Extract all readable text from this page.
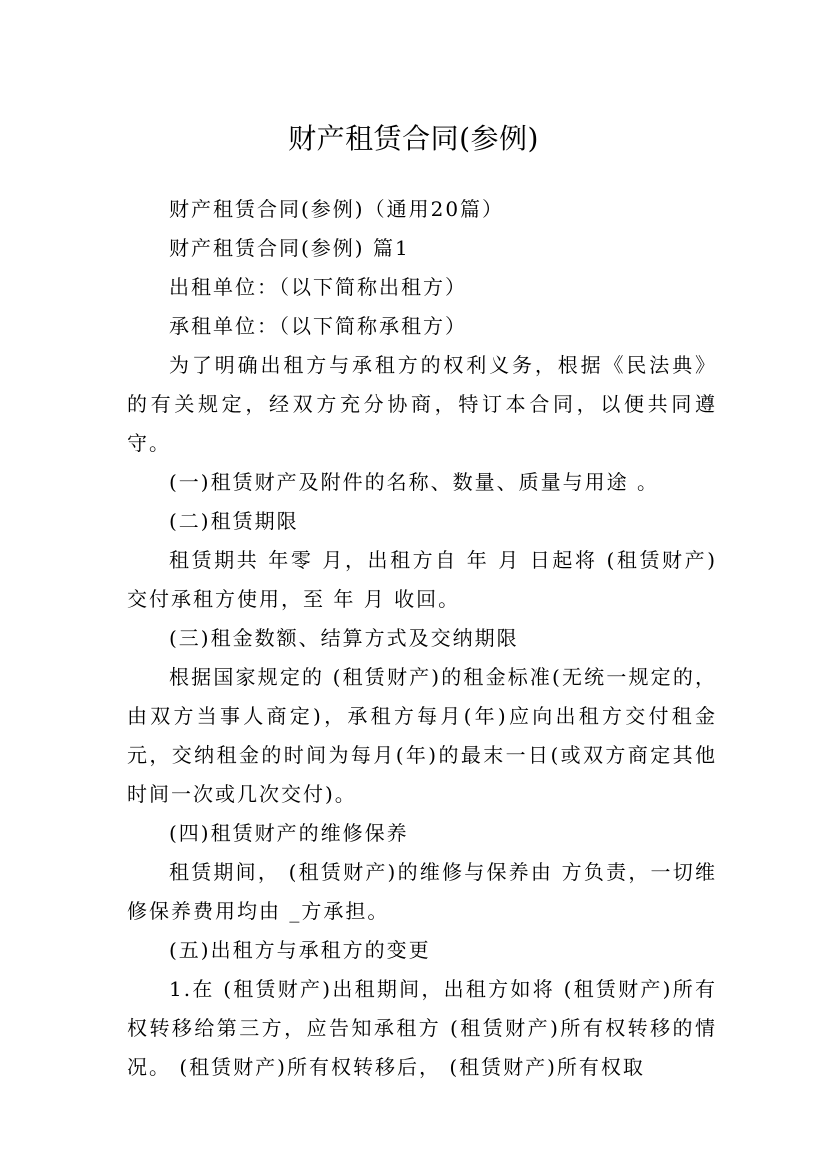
财产租赁合同(参例)

财产租赁合同(参例)（通用20篇）

财产租赁合同(参例) 篇1

出租单位：（以下简称出租方）

承租单位：（以下简称承租方）

为了明确出租方与承租方的权利义务，根据《民法典》的有关规定，经双方充分协商，特订本合同，以便共同遵守。

(一)租赁财产及附件的名称、数量、质量与用途 。

(二)租赁期限

租赁期共 年零 月，出租方自 年 月 日起将 (租赁财产)交付承租方使用，至 年 月 收回。

(三)租金数额、结算方式及交纳期限

根据国家规定的 (租赁财产)的租金标准(无统一规定的，由双方当事人商定)，承租方每月(年)应向出租方交付租金 元，交纳租金的时间为每月(年)的最末一日(或双方商定其他时间一次或几次交付)。

(四)租赁财产的维修保养

租赁期间， (租赁财产)的维修与保养由 方负责，一切维修保养费用均由 _方承担。

(五)出租方与承租方的变更

1.在 (租赁财产)出租期间，出租方如将 (租赁财产)所有权转移给第三方，应告知承租方 (租赁财产)所有权转移的情况。 (租赁财产)所有权转移后， (租赁财产)所有权取
